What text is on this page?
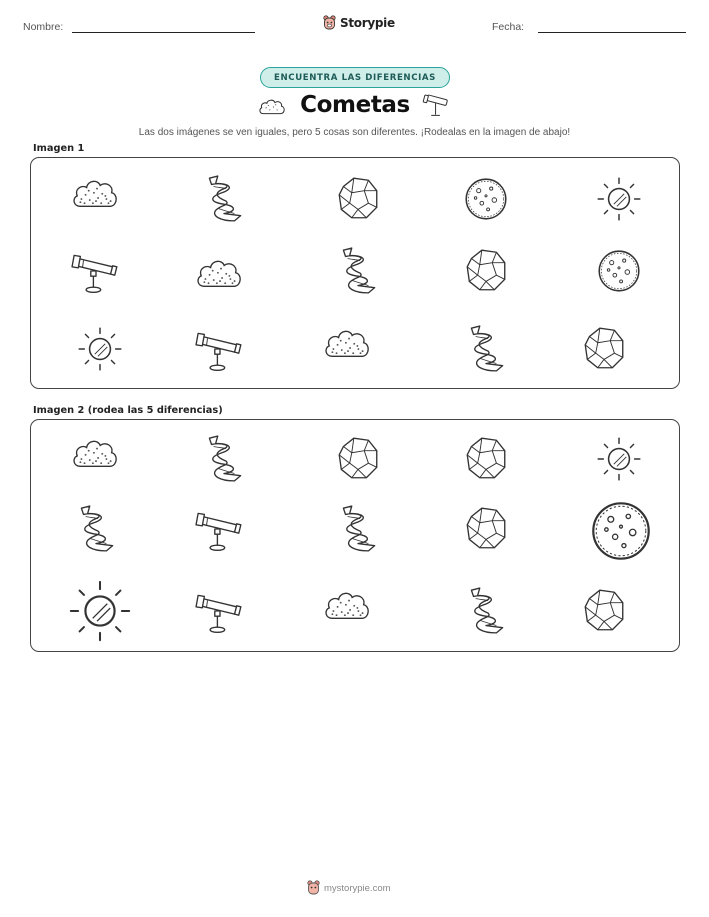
Nombre:	Storypie	Fecha:
ENCUENTRA LAS DIFERENCIAS
Cometas
Las dos imágenes se ven iguales, pero 5 cosas son diferentes. ¡Rodealas en la imagen de abajo!
Imagen 1
Imagen 2 (rodea las 5 diferencias)
mystorypie.com
